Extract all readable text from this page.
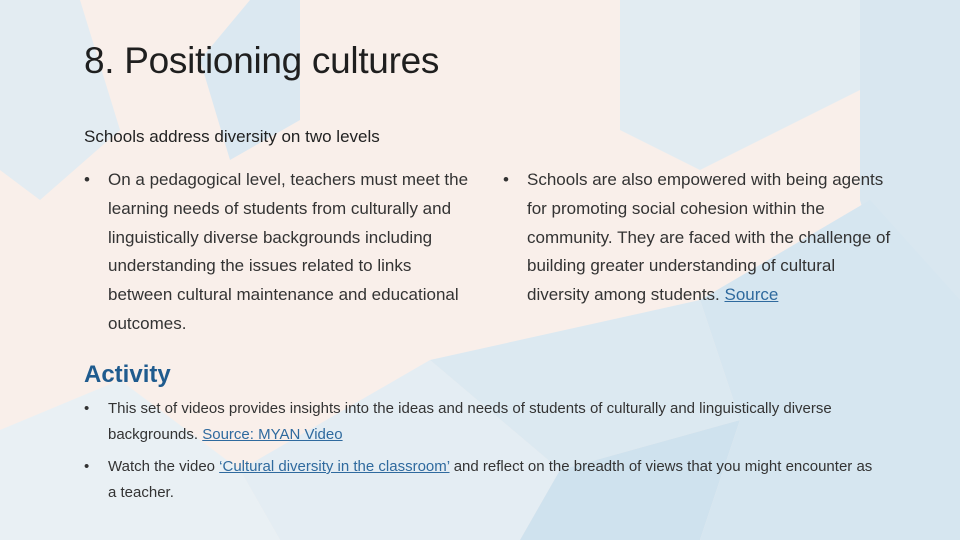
8. Positioning cultures
Schools address diversity on two levels
• On a pedagogical level, teachers must meet the learning needs of students from culturally and linguistically diverse backgrounds including understanding the issues related to links between cultural maintenance and educational outcomes.
• Schools are also empowered with being agents for promoting social cohesion within the community. They are faced with the challenge of building greater understanding of cultural diversity among students. Source
Activity
• This set of videos provides insights into the ideas and needs of students of culturally and linguistically diverse backgrounds. Source: MYAN Video
• Watch the video ‘Cultural diversity in the classroom’ and reflect on the breadth of views that you might encounter as a teacher.
